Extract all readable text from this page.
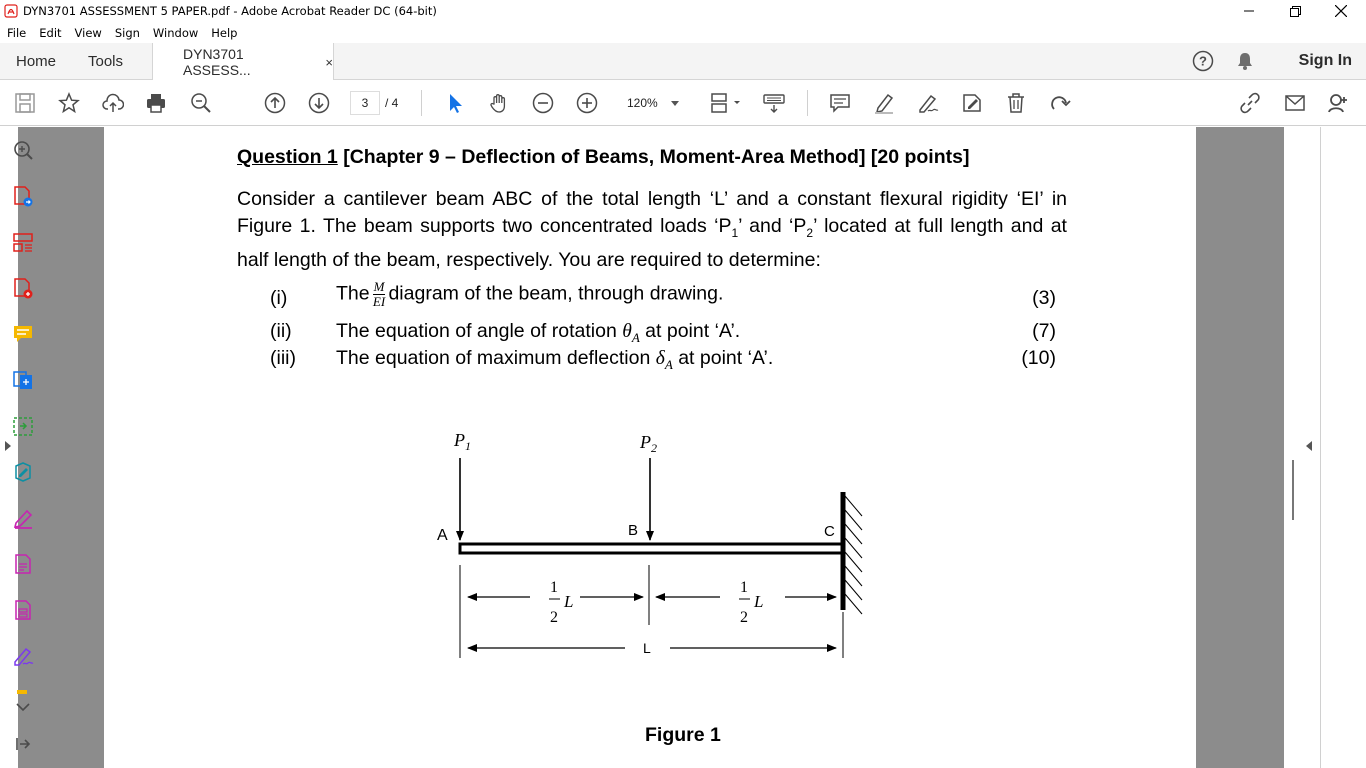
DYN3701 ASSESSMENT 5 PAPER.pdf - Adobe Acrobat Reader DC (64-bit)
File Edit View Sign Window Help
Home Tools	DYN3701 ASSESS...	×	?	Sign In
3	/ 4	120%
Question 1 [Chapter 9 – Deflection of Beams, Moment-Area Method] [20 points]
Consider a cantilever beam ABC of the total length ‘L’ and a constant flexural rigidity ‘EI’ in
Figure 1. The beam supports two concentrated loads ‘$P_1$’ and ‘$P_2$’ located at full length and at
half length of the beam, respectively. You are required to determine:
(i) The $\frac{M}{EI}$ diagram of the beam, through drawing.	(3)
(ii) The equation of angle of rotation $\theta_A$ at point ‘A’.	(7)
(iii) The equation of maximum deflection $\delta_A$ at point ‘A’.	(10)
$P_1$	$P_2$
A	B	C
1
2
L
1
2
L
L
Figure 1
